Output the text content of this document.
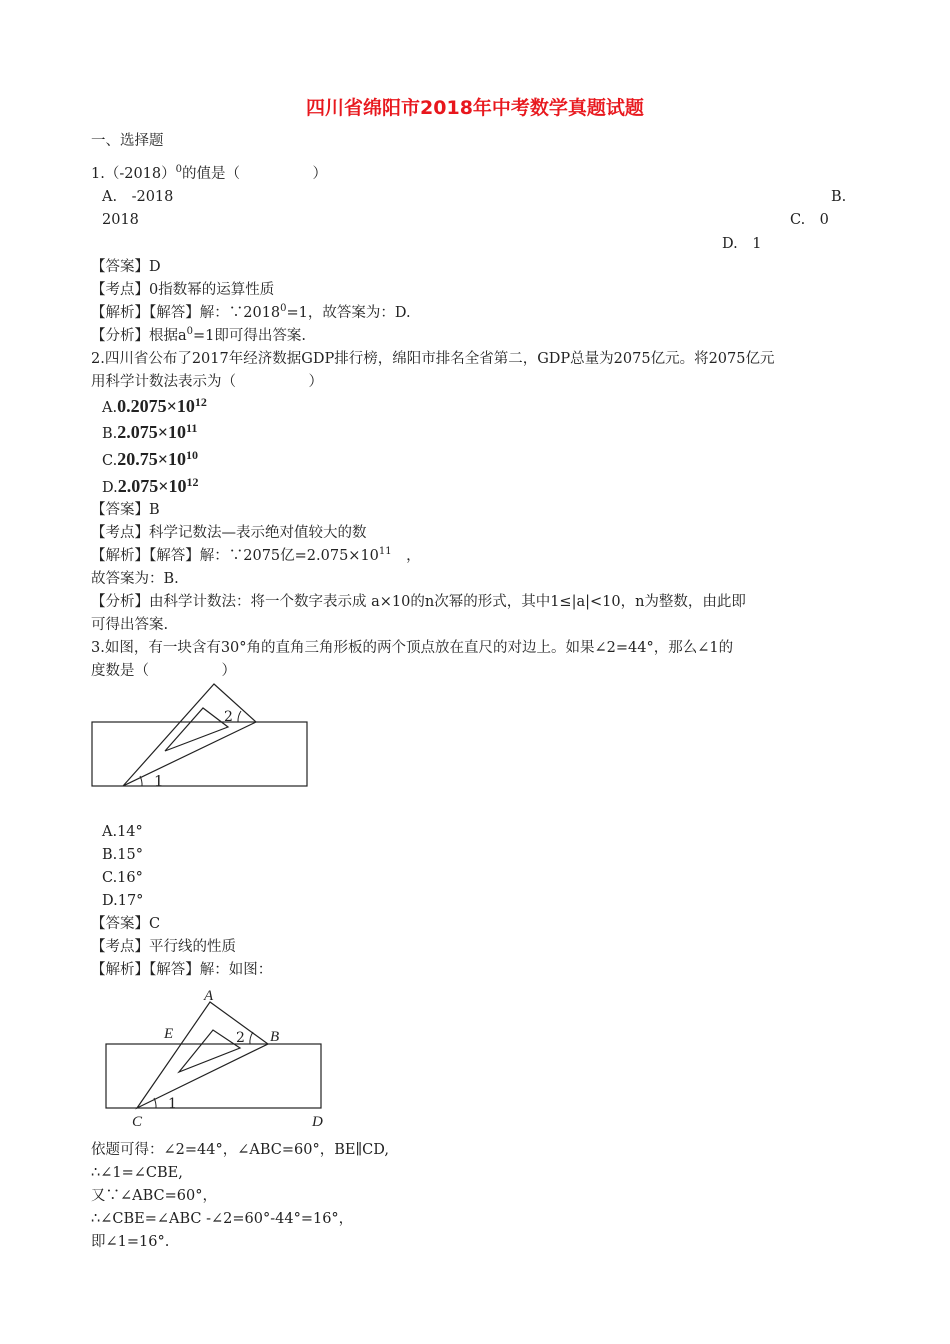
四川省绵阳市2018年中考数学真题试题
一、选择题
$1.(-2018)^0$的值是（　　　　　）
A.　-2018	B.
2018	C.　0
D.　1
【答案】D
【考点】0指数幂的运算性质
【解析】【解答】解：$\because 2018^0=1$，故答案为：D.
【分析】根据$a^0=1$即可得出答案.
2.四川省公布了2017年经济数据GDP排行榜，绵阳市排名全省第二，GDP总量为2075亿元。将2075亿元
用科学计数法表示为（　　　　　）
$A.0.2075\times 10^{12}$
$B.2.075\times 10^{11}$
$C.20.75\times 10^{10}$
$D.2.075\times 10^{12}$
【答案】B
【考点】科学记数法—表示绝对值较大的数
【解析】【解答】解：∵2075亿$=2.075\times 10^{11}$　，
故答案为：B.
【分析】由科学计数法：将一个数字表示成 a×10的n次幂的形式，其中1≤|a|<10，n为整数，由此即
可得出答案.
3.如图，有一块含有30°角的直角三角形板的两个顶点放在直尺的对边上。如果∠2=44°，那么∠1的
度数是（　　　　　）
1
2
A.14°
B.15°
C.16°
D.17°
【答案】C
【考点】平行线的性质
【解析】【解答】解：如图：
A
B
C	D
E
1
2
依题可得：∠2=44°，∠ABC=60°，BE∥CD,
∴∠1=∠CBE,
又∵∠ABC=60°，
∴∠CBE=∠ABC -∠2=60°-44°=16°，
即∠1=16°.
